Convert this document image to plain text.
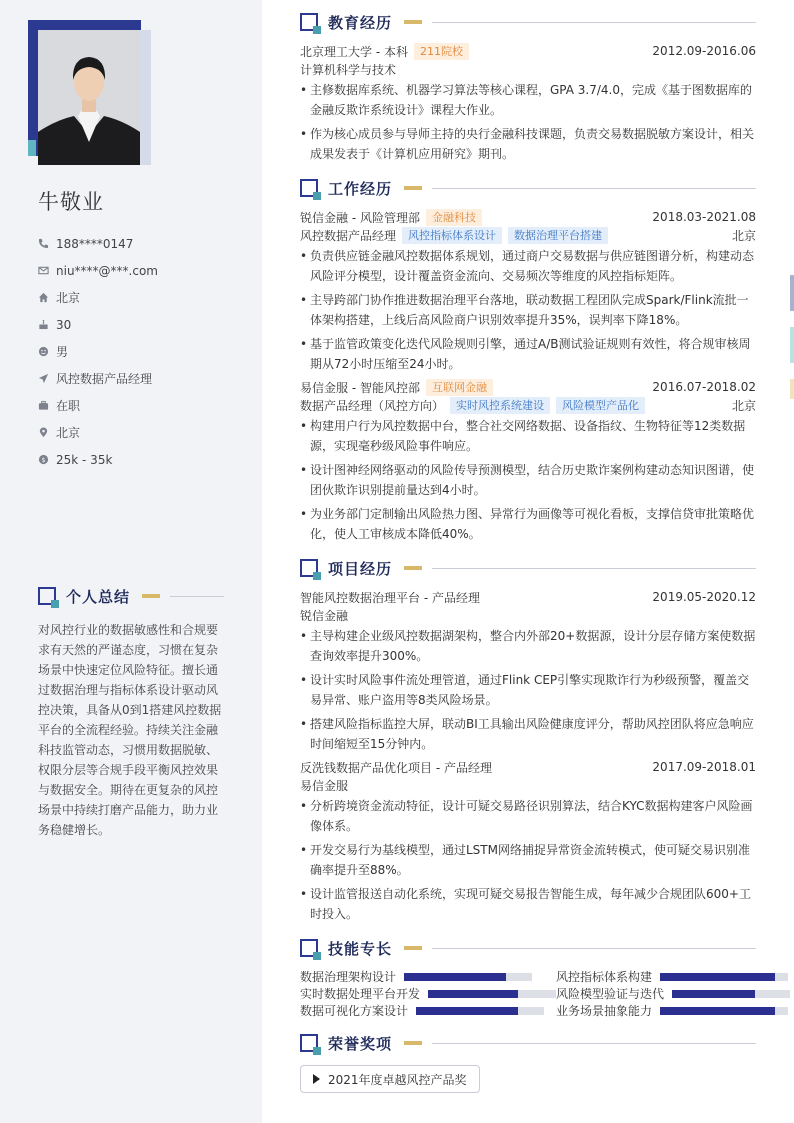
牛敬业
188****0147
niu****@***.com
北京
30
男
风控数据产品经理
在职
北京
$ 25k - 35k
个人总结

对风控行业的数据敏感性和合规要求有天然的严谨态度，习惯在复杂场景中快速定位风险特征。擅长通过数据治理与指标体系设计驱动风控决策，具备从0到1搭建风控数据平台的全流程经验。持续关注金融科技监管动态，习惯用数据脱敏、权限分层等合规手段平衡风控效果与数据安全。期待在更复杂的风控场景中持续打磨产品能力，助力业务稳健增长。

教育经历
北京理工大学 - 本科	211院校	2012.09-2016.06
计算机科学与技术
• 主修数据库系统、机器学习算法等核心课程，GPA 3.7/4.0，完成《基于图数据库的金融反欺诈系统设计》课程大作业。
• 作为核心成员参与导师主持的央行金融科技课题，负责交易数据脱敏方案设计，相关成果发表于《计算机应用研究》期刊。
工作经历
锐信金融 - 风险管理部	金融科技	2018.03-2021.08
风控数据产品经理	风控指标体系设计	数据治理平台搭建	北京
• 负责供应链金融风控数据体系规划，通过商户交易数据与供应链图谱分析，构建动态风险评分模型，设计覆盖资金流向、交易频次等维度的风控指标矩阵。
• 主导跨部门协作推进数据治理平台落地，联动数据工程团队完成Spark/Flink流批一体架构搭建，上线后高风险商户识别效率提升35%，误判率下降18%。
• 基于监管政策变化迭代风险规则引擎，通过A/B测试验证规则有效性，将合规审核周期从72小时压缩至24小时。
易信金服 - 智能风控部	互联网金融	2016.07-2018.02
数据产品经理（风控方向）	实时风控系统建设	风险模型产品化	北京
• 构建用户行为风控数据中台，整合社交网络数据、设备指纹、生物特征等12类数据源，实现毫秒级风险事件响应。
• 设计图神经网络驱动的风险传导预测模型，结合历史欺诈案例构建动态知识图谱，使团伙欺诈识别提前量达到4小时。
• 为业务部门定制输出风险热力图、异常行为画像等可视化看板，支撑信贷审批策略优化，使人工审核成本降低40%。
项目经历
智能风控数据治理平台 - 产品经理	2019.05-2020.12
锐信金融
• 主导构建企业级风控数据湖架构，整合内外部20+数据源，设计分层存储方案使数据查询效率提升300%。
• 设计实时风险事件流处理管道，通过Flink CEP引擎实现欺诈行为秒级预警，覆盖交易异常、账户盗用等8类风险场景。
• 搭建风险指标监控大屏，联动BI工具输出风险健康度评分，帮助风控团队将应急响应时间缩短至15分钟内。
反洗钱数据产品优化项目 - 产品经理	2017.09-2018.01
易信金服
• 分析跨境资金流动特征，设计可疑交易路径识别算法，结合KYC数据构建客户风险画像体系。
• 开发交易行为基线模型，通过LSTM网络捕捉异常资金流转模式，使可疑交易识别准确率提升至88%。
• 设计监管报送自动化系统，实现可疑交易报告智能生成，每年减少合规团队600+工时投入。
技能专长
数据治理架构设计	风控指标体系构建
实时数据处理平台开发	风险模型验证与迭代
数据可视化方案设计	业务场景抽象能力
荣誉奖项
2021年度卓越风控产品奖
